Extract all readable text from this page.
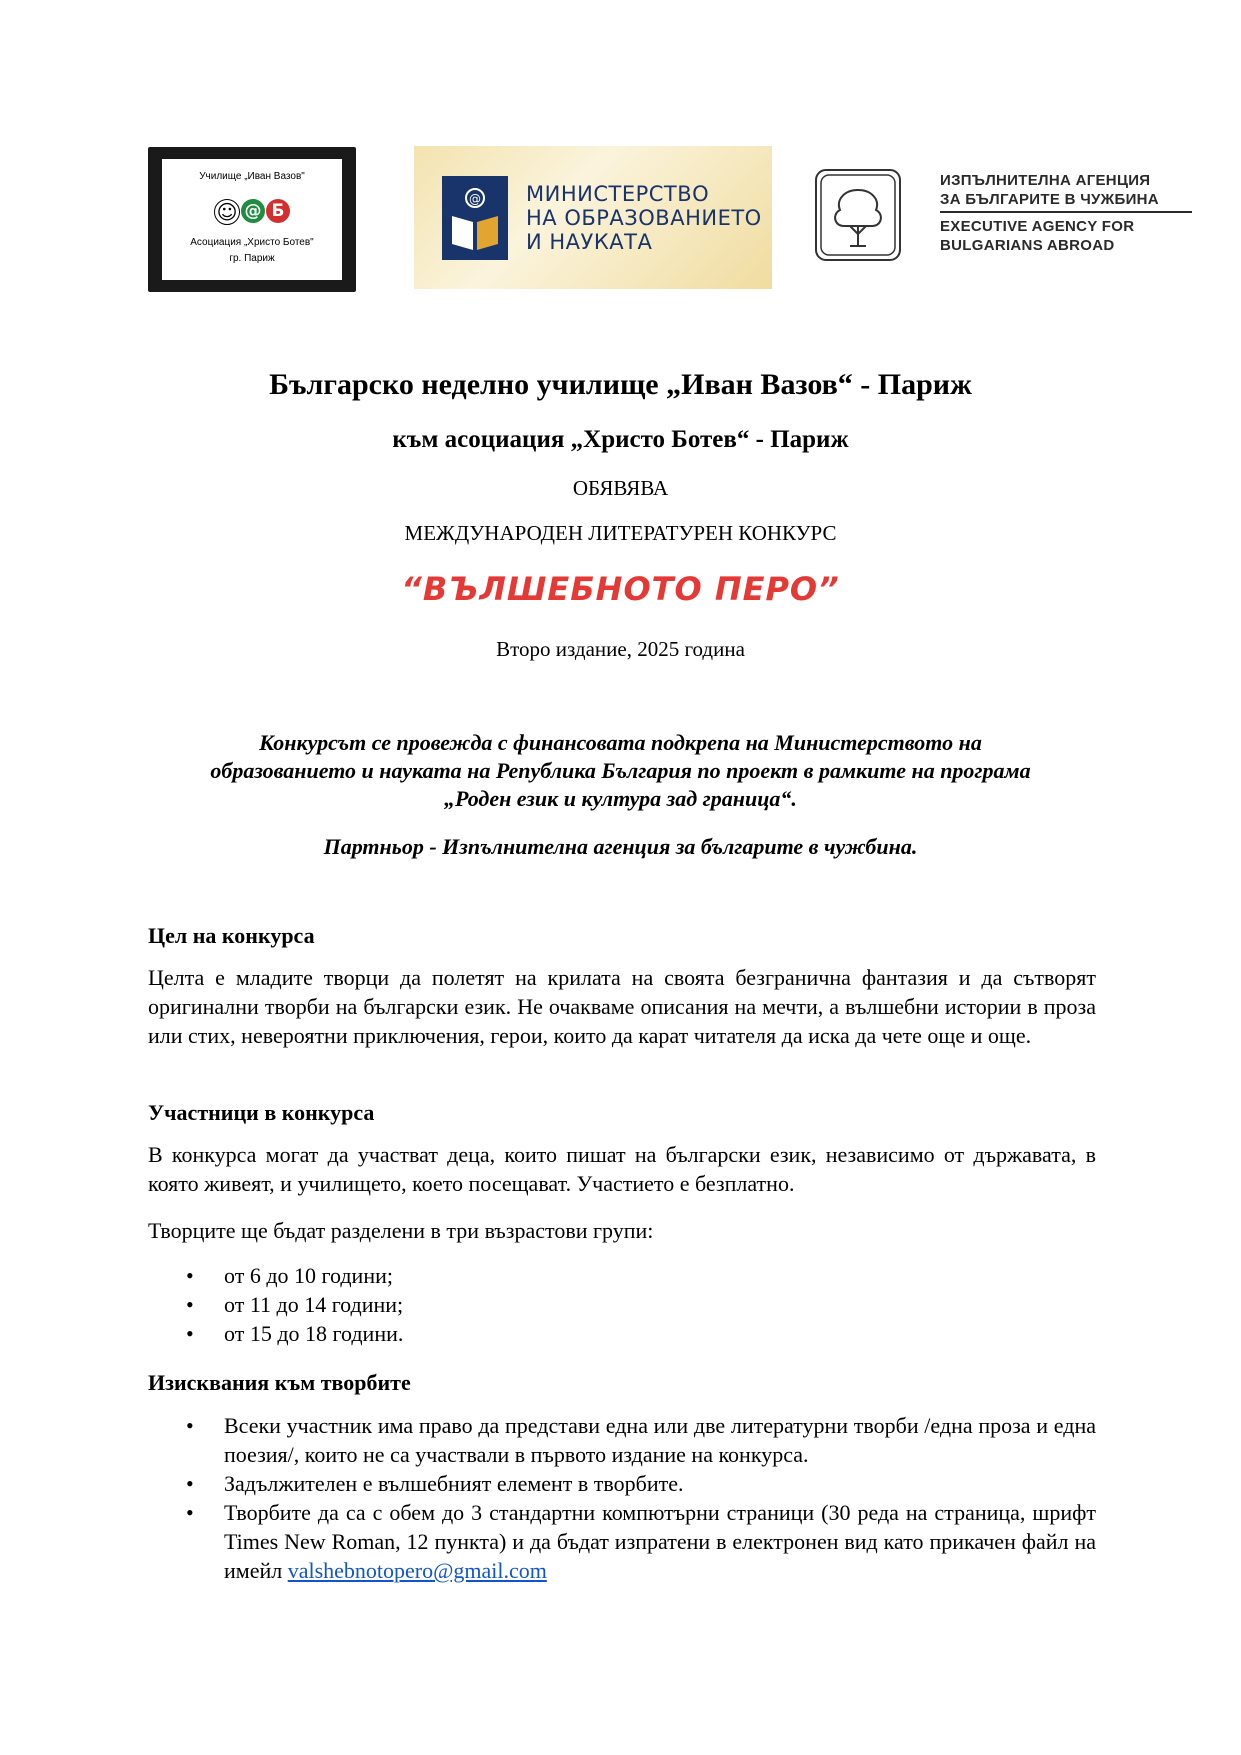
Училище „Иван Вазов"
☺ @ Б
Асоциация „Христо Ботев"
гр. Париж
@ МИНИСТЕРСТВО
НА ОБРАЗОВАНИЕТО
И НАУКАТА
ИЗПЪЛНИТЕЛНА АГЕНЦИЯ
ЗА БЪЛГАРИТЕ В ЧУЖБИНА
EXECUTIVE AGENCY FOR
BULGARIANS ABROAD
Българско неделно училище „Иван Вазов“ - Париж
към асоциация „Христо Ботев“ - Париж
ОБЯВЯВА
МЕЖДУНАРОДЕН ЛИТЕРАТУРЕН КОНКУРС
“ВЪЛШЕБНОТО ПЕРО”
Второ издание, 2025 година
Конкурсът се провежда с финансовата подкрепа на Министерството на
образованието и науката на Република България по проект в рамките на програма
„Роден език и култура зад граница“.
Партньор - Изпълнителна агенция за българите в чужбина.
Цел на конкурса
Целта е младите творци да полетят на крилата на своята безгранична фантазия и да сътворят оригинални творби на български език. Не очакваме описания на мечти, а вълшебни истории в проза или стих, невероятни приключения, герои, които да карат читателя да иска да чете още и още.
Участници в конкурса
В конкурса могат да участват деца, които пишат на български език, независимо от държавата, в която живеят, и училището, което посещават. Участието е безплатно.
Творците ще бъдат разделени в три възрастови групи:
• от 6 до 10 години;
• от 11 до 14 години;
• от 15 до 18 години.
Изисквания към творбите
• Всеки участник има право да представи една или две литературни творби /една проза и една поезия/, които не са участвали в първото издание на конкурса.
• Задължителен е вълшебният елемент в творбите.
• Творбите да са с обем до 3 стандартни компютърни страници (30 реда на страница, шрифт Times New Roman, 12 пункта) и да бъдат изпратени в електронен вид като прикачен файл на имейл valshebnotopero@gmail.com
